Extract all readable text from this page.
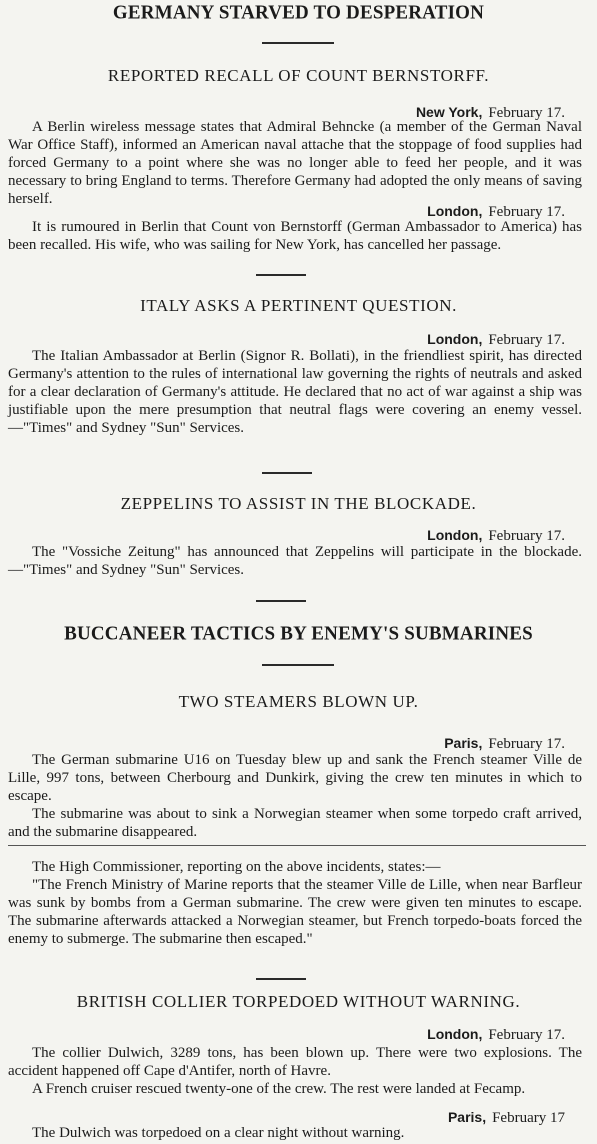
GERMANY STARVED TO DESPERATION
REPORTED RECALL OF COUNT BERNSTORFF.
New York, February 17.

A Berlin wireless message states that Admiral Behncke (a member of the German Naval War Office Staff), informed an American naval attache that the stoppage of food supplies had forced Germany to a point where she was no longer able to feed her people, and it was necessary to bring England to terms. Therefore Germany had adopted the only means of saving herself.

London, February 17.

It is rumoured in Berlin that Count von Bernstorff (German Ambassador to America) has been recalled. His wife, who was sailing for New York, has cancelled her passage.

ITALY ASKS A PERTINENT QUESTION.
London, February 17.

The Italian Ambassador at Berlin (Signor R. Bollati), in the friendliest spirit, has directed Germany's attention to the rules of international law governing the rights of neutrals and asked for a clear declaration of Germany's attitude. He declared that no act of war against a ship was justifiable upon the mere presumption that neutral flags were covering an enemy vessel.—"Times" and Sydney "Sun" Services.

ZEPPELINS TO ASSIST IN THE BLOCKADE.
London, February 17.

The "Vossiche Zeitung" has announced that Zeppelins will participate in the blockade.—"Times" and Sydney "Sun" Services.

BUCCANEER TACTICS BY ENEMY'S SUBMARINES
TWO STEAMERS BLOWN UP.
Paris, February 17.

The German submarine U16 on Tuesday blew up and sank the French steamer Ville de Lille, 997 tons, between Cherbourg and Dunkirk, giving the crew ten minutes in which to escape.

The submarine was about to sink a Norwegian steamer when some torpedo craft arrived, and the submarine disappeared.

The High Commissioner, reporting on the above incidents, states:—

"The French Ministry of Marine reports that the steamer Ville de Lille, when near Barfleur was sunk by bombs from a German submarine. The crew were given ten minutes to escape. The submarine afterwards attacked a Norwegian steamer, but French torpedo-boats forced the enemy to submerge. The submarine then escaped."

BRITISH COLLIER TORPEDOED WITHOUT WARNING.
London, February 17.

The collier Dulwich, 3289 tons, has been blown up. There were two explosions. The accident happened off Cape d'Antifer, north of Havre.

A French cruiser rescued twenty-one of the crew. The rest were landed at Fecamp.

Paris, February 17

The Dulwich was torpedoed on a clear night without warning.
